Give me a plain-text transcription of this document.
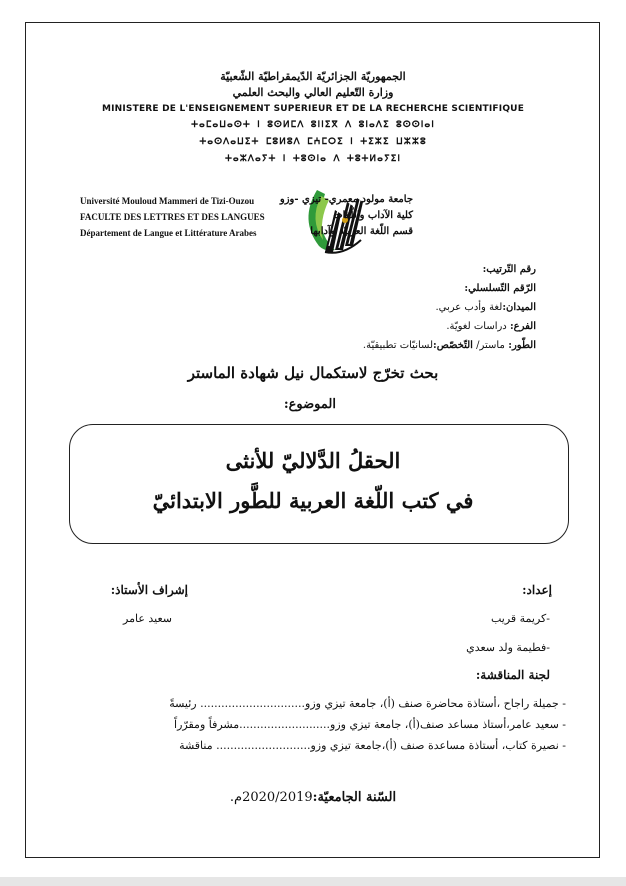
الجمهوريّة الجزائريّة الدّيمقراطيّة الشّعبيّة
وزارة التّعليم العالي والبحث العلمي
MINISTERE DE L'ENSEIGNEMENT SUPERIEUR ET DE LA RECHERCHE SCIENTIFIQUE
ⵜⴰⵎⴰⵡⴰⵙⵜ ⵏ ⵓⵙⵍⵎⴷ ⵓⵏⵏⵉⴳ ⴷ ⵓⵏⴰⴷⵉ ⵓⵙⵙⵏⴰⵏ
ⵜⴰⵙⴷⴰⵡⵉⵜ ⵎⵓⵍⵓⴷ ⵎⵄⵎⵔⵉ ⵏ ⵜⵉⵣⵉ ⵡⵣⵣⵓ
ⵜⴰⵣⴷⴰⵢⵜ ⵏ ⵜⵓⵙⵏⴰ ⴷ ⵜⵓⵜⵍⴰⵢⵉⵏ
Université Mouloud Mammeri de Tizi-Ouzou
FACULTE DES LETTRES ET DES LANGUES
Département de Langue et Littérature Arabes
جامعة مولود معمري- تيزي -وزو
كلية الآداب واللّغات
قسم اللّغة العربيّة وآدابها
رقم التّرتيب:
الرّقم التّسلسلي:
الميدان:لغة وأدب عربي.
الفرع: دراسات لغويّة.
الطّور: ماستر/ التّخصّص:لسانيّات تطبيقيّة.
بحث تخرّج لاستكمال نيل شهادة الماستر
الموضوع:
الحقلُ الدَّلاليّ للأنثى
في كتب اللّغة العربية للطَّور الابتدائيّ
إعداد:
إشراف الأستاذ:
-كريمة قريب
سعيد عامر
-فطيمة ولد سعدي
لجنة المناقشة:
- جميلة راجاح ،أستاذة محاضرة صنف (أ)، جامعة تيزي وزو.............................. رئيسةً
- سعيد عامر،أستاذ مساعد صنف(أ)، جامعة تيزي وزو..........................مشرفاً ومقرّراً
- نصيرة كتاب، أستاذة مساعدة صنف (أ)،جامعة تيزي وزو........................... مناقشة
السّنة الجامعيّة:2020/2019م.
